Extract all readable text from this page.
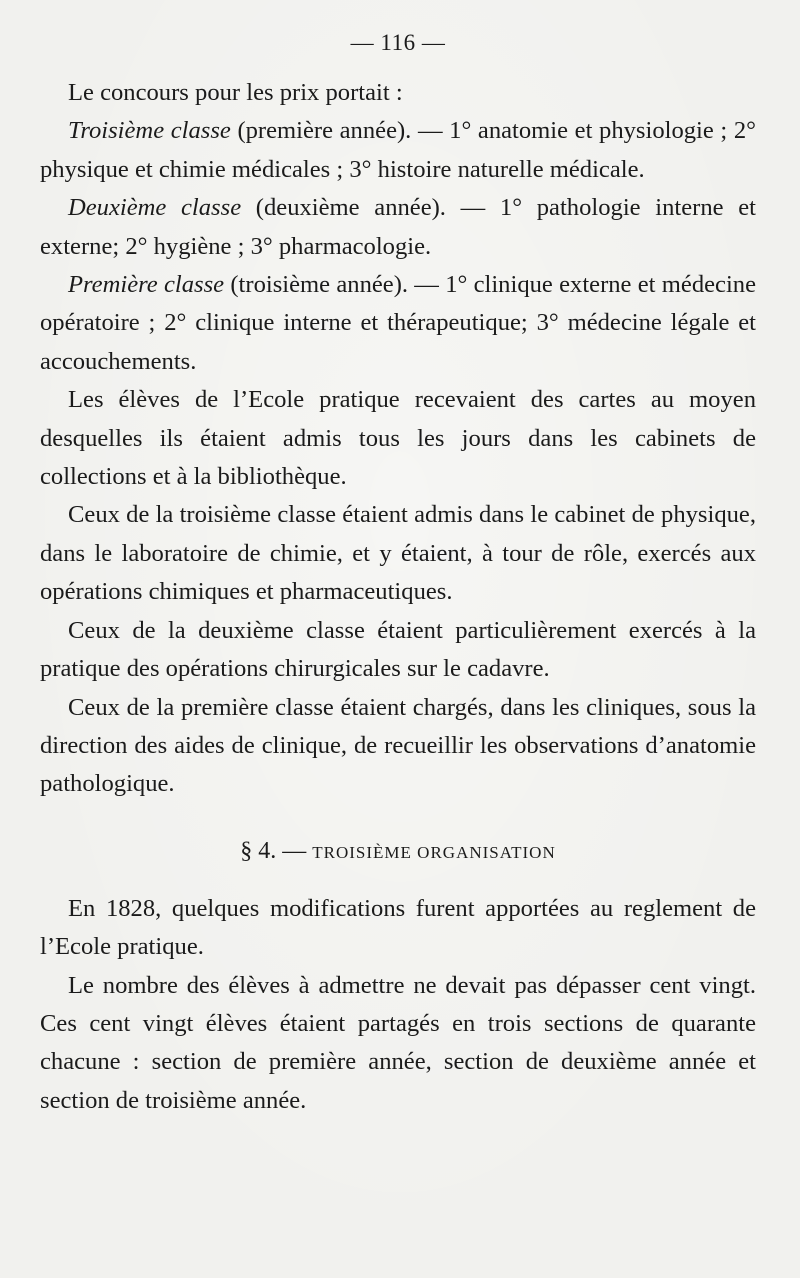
— 116 —

Le concours pour les prix portait :

Troisième classe (première année). — 1° anatomie et physiologie ; 2° physique et chimie médicales ; 3° histoire naturelle médicale.

Deuxième classe (deuxième année). — 1° pathologie interne et externe; 2° hygiène ; 3° pharmacologie.

Première classe (troisième année). — 1° clinique externe et médecine opératoire ; 2° clinique interne et thérapeutique; 3° médecine légale et accouchements.

Les élèves de l’Ecole pratique recevaient des cartes au moyen desquelles ils étaient admis tous les jours dans les cabinets de collections et à la bibliothèque.

Ceux de la troisième classe étaient admis dans le cabinet de physique, dans le laboratoire de chimie, et y étaient, à tour de rôle, exercés aux opérations chimiques et pharmaceutiques.

Ceux de la deuxième classe étaient particulièrement exercés à la pratique des opérations chirurgicales sur le cadavre.

Ceux de la première classe étaient chargés, dans les cliniques, sous la direction des aides de clinique, de recueillir les observations d’anatomie pathologique.

§ 4. — TROISIÈME ORGANISATION

En 1828, quelques modifications furent apportées au reglement de l’Ecole pratique.

Le nombre des élèves à admettre ne devait pas dépasser cent vingt. Ces cent vingt élèves étaient partagés en trois sections de quarante chacune : section de première année, section de deuxième année et section de troisième année.
